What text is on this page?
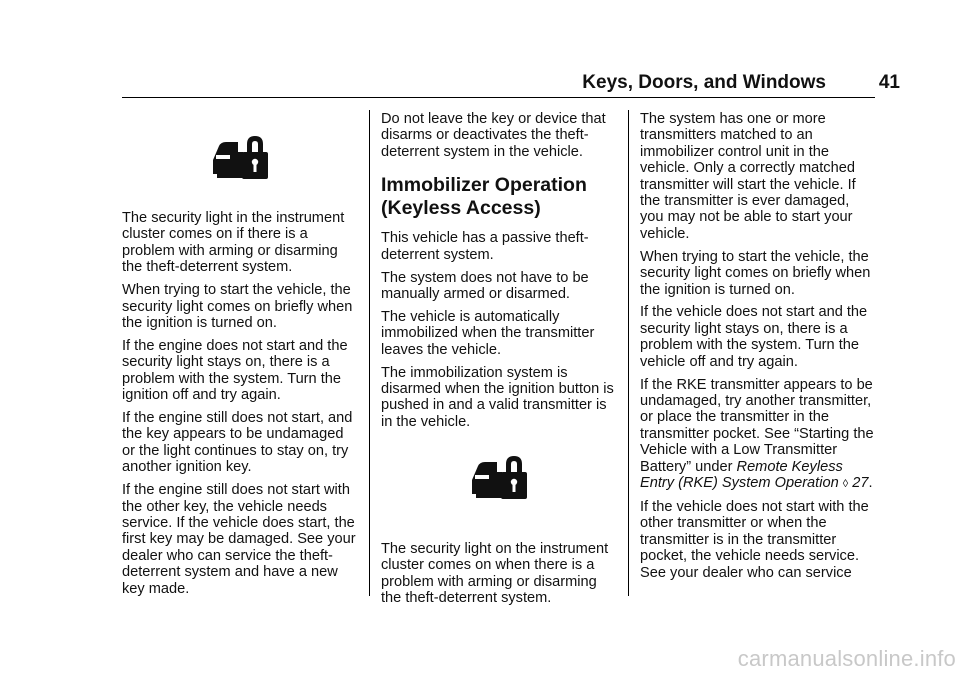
Keys, Doors, and Windows	41

The security light in the instrument cluster comes on if there is a problem with arming or disarming the theft-deterrent system.

When trying to start the vehicle, the security light comes on briefly when the ignition is turned on.

If the engine does not start and the security light stays on, there is a problem with the system. Turn the ignition off and try again.

If the engine still does not start, and the key appears to be undamaged or the light continues to stay on, try another ignition key.

If the engine still does not start with the other key, the vehicle needs service. If the vehicle does start, the first key may be damaged. See your dealer who can service the theft-deterrent system and have a new key made.

Do not leave the key or device that disarms or deactivates the theft-deterrent system in the vehicle.

Immobilizer Operation (Keyless Access)

This vehicle has a passive theft-deterrent system.

The system does not have to be manually armed or disarmed.

The vehicle is automatically immobilized when the transmitter leaves the vehicle.

The immobilization system is disarmed when the ignition button is pushed in and a valid transmitter is in the vehicle.

The security light on the instrument cluster comes on when there is a problem with arming or disarming the theft-deterrent system.

The system has one or more transmitters matched to an immobilizer control unit in the vehicle. Only a correctly matched transmitter will start the vehicle. If the transmitter is ever damaged, you may not be able to start your vehicle.

When trying to start the vehicle, the security light comes on briefly when the ignition is turned on.

If the vehicle does not start and the security light stays on, there is a problem with the system. Turn the vehicle off and try again.

If the RKE transmitter appears to be undamaged, try another transmitter, or place the transmitter in the transmitter pocket. See “Starting the Vehicle with a Low Transmitter Battery” under Remote Keyless Entry (RKE) System Operation ◊ 27.

If the vehicle does not start with the other transmitter or when the transmitter is in the transmitter pocket, the vehicle needs service. See your dealer who can service

carmanualsonline.info
